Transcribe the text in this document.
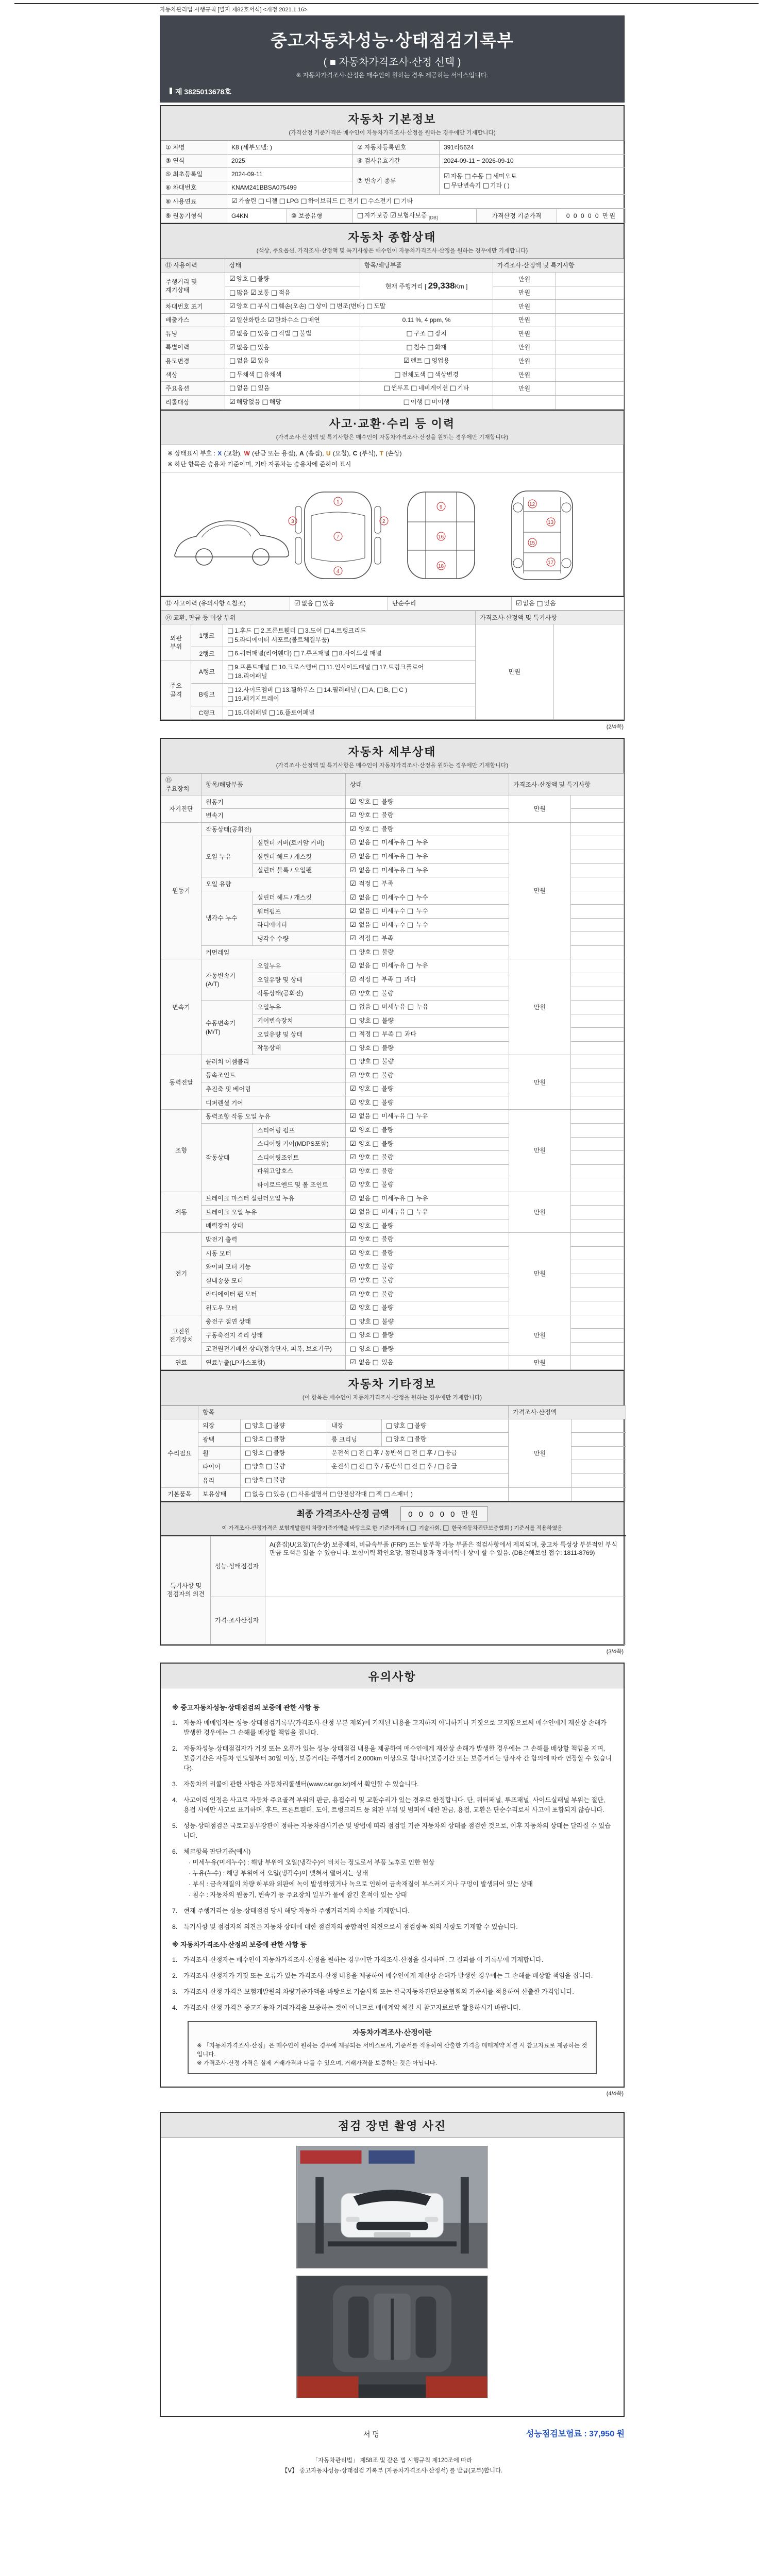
자동차관리법 시행규칙 [별지 제82호서식] <개정 2021.1.16>
중고자동차성능·상태점검기록부
( ■ 자동차가격조사·산정 선택 )
※ 자동차가격조사·산정은 매수인이 원하는 경우 제공하는 서비스입니다.
제 3825013678호
자동차 기본정보
(가격산정 기준가격은 매수인이 자동차가격조사·산정을 원하는 경우에만 기재합니다)
① 차명	K8 (세부모델: )	② 자동차등록번호	391라5624
③ 연식	2025	④ 검사유효기간	2024-09-11 ~ 2026-09-10
⑤ 최초등록일	2024-09-11	⑦ 변속기 종류	☑ 자동 □ 수동 □ 세미오토
□ 무단변속기 □ 기타 ( )
⑥ 차대번호	KNAM241BBSA075499		
⑧ 사용연료	☑ 가솔린 □ 디젤 □ LPG □ 하이브리드 □ 전기 □ 수소전기 □ 기타		
⑨ 원동기형식	G4KN	⑩ 보증유형	□ 자가보증 ☑ 보험사보증 $_{[DB]}$	가격산정 기준가격	0 0 0 0 0 만원
자동차 종합상태
(색상, 주요옵션, 가격조사·산정액 및 특기사항은 매수인이 자동차가격조사·산정을 원하는 경우에만 기재합니다)
⑪ 사용이력	상태	항목/해당부품	가격조사·산정액 및 특기사항	
주행거리 및 계기상태	☑ 양호 □ 불량	현재 주행거리 [ 29,338Km ]	만원	
	□ 많음 ☑ 보통 □ 적음		만원	
차대번호 표기	☑ 양호 □ 부식 □ 훼손(오손) □ 상이 □ 변조(변타) □ 도말		만원	
배출가스	☑ 일산화탄소 ☑ 탄화수소 □ 매연	0.11 %, 4 ppm, %	만원	
튜닝	☑ 없음 □ 있음 □ 적법 □ 불법	□ 구조 □ 장치	만원	
특별이력	☑ 없음 □ 있음	□ 침수 □ 화재	만원	
용도변경	□ 없음 ☑ 있음	☑ 렌트 □ 영업용	만원	
색상	□ 무채색 □ 유채색	□ 전체도색 □ 색상변경	만원	
주요옵션	□ 없음 □ 있음	□ 썬루프 □ 네비게이션 □ 기타	만원	
리콜대상	☑ 해당없음 □ 해당	□ 이행 □ 미이행		
사고·교환·수리 등 이력
(가격조사·산정액 및 특기사항은 매수인이 자동차가격조사·산정을 원하는 경우에만 기재합니다)
※ 상태표시 부호 : X (교환), W (판금 또는 용접), A (흠집), U (요철), C (부식), T (손상)
※ 하단 항목은 승용차 기준이며, 기타 자동차는 승용차에 준하여 표시
1
7
4
3	2
9
16
18
12
13
15
17
⑫ 사고이력 (유의사항 4.참조)	☑ 없음 □ 있음	단순수리	☑ 없음 □ 있음
⑭ 교환, 판금 등 이상 부위			가격조사·산정액 및 특기사항	
외판 부위	1랭크	□ 1.후드 □ 2.프론트휀더 □ 3.도어 □ 4.트렁크리드
□ 5.라디에이터 서포트(볼트체결부품)	만원	
	2랭크	□ 6.쿼터패널(리어휀다) □ 7.루프패널 □ 8.사이드실 패널		

주요 골격	A랭크	□ 9.프론트패널 □ 10.크로스멤버 □ 11.인사이드패널 □ 17.트렁크플로어
□ 18.리어패널		

	B랭크	□ 12.사이드멤버 □ 13.휠하우스 □ 14.필러패널 ( □ A, □ B, □ C )
□ 19.패키지트레이		

	C랭크	□ 15.대쉬패널 □ 16.플로어패널		
(2/4쪽)
자동차 세부상태
(가격조사·산정액 및 특기사항은 매수인이 자동차가격조사·산정을 원하는 경우에만 기재합니다)
⑮ 주요장치	항목/해당부품		상태	가격조사·산정액 및 특기사항	
자기진단	원동기		☑ 양호 □ 불량	만원	
	변속기		☑ 양호 □ 불량		
원동기	작동상태(공회전)		☑ 양호 □ 불량	만원	
	오일 누유	실린더 커버(로커암 커버)	☑ 없음 □ 미세누유 □ 누유		
		실린더 헤드 / 개스킷	☑ 없음 □ 미세누유 □ 누유		
		실린더 블록 / 오일팬	☑ 없음 □ 미세누유 □ 누유		
	오일 유량		☑ 적정 □ 부족		
	냉각수 누수	실린더 헤드 / 개스킷	☑ 없음 □ 미세누수 □ 누수		
		워터펌프	☑ 없음 □ 미세누수 □ 누수		
		라디에이터	☑ 없음 □ 미세누수 □ 누수		
		냉각수 수량	☑ 적정 □ 부족		
	커먼레일		□ 양호 □ 불량		
변속기	자동변속기 (A/T)	오일누유	☑ 없음 □ 미세누유 □ 누유	만원	
		오일유량 및 상태	☑ 적정 □ 부족 □ 과다		
		작동상태(공회전)	☑ 양호 □ 불량		
	수동변속기 (M/T)	오일누유	□ 없음 □ 미세누유 □ 누유		
		기어변속장치	□ 양호 □ 불량		
		오일유량 및 상태	□ 적정 □ 부족 □ 과다		
		작동상태	□ 양호 □ 불량		
동력전달	클러치 어셈블리		□ 양호 □ 불량	만원	
	등속조인트		☑ 양호 □ 불량		
	추진축 및 베어링		☑ 양호 □ 불량		
	디퍼렌셜 기어		☑ 양호 □ 불량		
조향	동력조향 작동 오일 누유		☑ 없음 □ 미세누유 □ 누유	만원	
	작동상태	스티어링 펌프	☑ 양호 □ 불량		
		스티어링 기어(MDPS포함)	☑ 양호 □ 불량		
		스티어링조인트	☑ 양호 □ 불량		
		파워고압호스	☑ 양호 □ 불량		
		타이로드엔드 및 볼 조인트	☑ 양호 □ 불량		
제동	브레이크 마스터 실린더오일 누유		☑ 없음 □ 미세누유 □ 누유	만원	
	브레이크 오일 누유		☑ 없음 □ 미세누유 □ 누유		
	배력장치 상태		☑ 양호 □ 불량		
전기	발전기 출력		☑ 양호 □ 불량	만원	
	시동 모터		☑ 양호 □ 불량		
	와이퍼 모터 기능		☑ 양호 □ 불량		
	실내송풍 모터		☑ 양호 □ 불량		
	라디에이터 팬 모터		☑ 양호 □ 불량		
	윈도우 모터		☑ 양호 □ 불량		
고전원 전기장치	충전구 절연 상태		□ 양호 □ 불량	만원	
	구동축전지 격리 상태		□ 양호 □ 불량		
	고전원전기배선 상태(접속단자, 피복, 보호기구)		□ 양호 □ 불량		
연료	연료누출(LP가스포함)		☑ 없음 □ 있음	만원	
자동차 기타정보
(이 항목은 매수인이 자동차가격조사·산정을 원하는 경우에만 기재합니다)
	항목				가격조사·산정액	
수리필요	외장	□ 양호 □ 불량	내장	□ 양호 □ 불량	만원	
	광택	□ 양호 □ 불량	룸 크리닝	□ 양호 □ 불량		
	휠	□ 양호 □ 불량	운전석 □ 전 □ 후 / 동반석 □ 전 □ 후 / □ 응급			
	타이어	□ 양호 □ 불량	운전석 □ 전 □ 후 / 동반석 □ 전 □ 후 / □ 응급			
	유리	□ 양호 □ 불량				
기본품목	보유상태	□ 없음 □ 있음 ( □ 사용설명서 □ 안전삼각대 □ 잭 □ 스패너 )				
최종 가격조사·산정 금액 0 0 0 0 0 만원
이 가격조사·산정가격은 보험개발원의 차량기준가액을 바탕으로 한 기준가격과 ( □ 기술사회, □ 한국자동차진단보증협회 ) 기준서를 적용하였음
특기사항 및 점검자의 의견	성능·상태점검자	A(흠집)U(요철)T(손상) 보증제외, 비금속부품 (FRP) 또는 탈부착 가능 부품은 점검사항에서 제외되며, 중고차 특성상 부분적인 부식 판금 도색은 있을 수 있습니다. 보험이력 확인요망, 점검내용과 정비이력이 상이 할 수 있음. (DB손해보험 접수: 1811-8769)
	가격·조사산정자	
(3/4쪽)
유의사항
※ 중고자동차성능·상태점검의 보증에 관한 사항 등
1. 자동차 매매업자는 성능·상태점검기록부(가격조사·산정 부분 제외)에 기재된 내용을 고지하지 아니하거나 거짓으로 고지함으로써 매수인에게 재산상 손해가 발생한 경우에는 그 손해를 배상할 책임을 집니다.
2. 자동차성능·상태점검자가 거짓 또는 오류가 있는 성능·상태점검 내용을 제공하여 매수인에게 재산상 손해가 발생한 경우에는 그 손해를 배상할 책임을 지며, 보증기간은 자동차 인도일부터 30일 이상, 보증거리는 주행거리 2,000km 이상으로 합니다(보증기간 또는 보증거리는 당사자 간 합의에 따라 연장할 수 있습니다).
3. 자동차의 리콜에 관한 사항은 자동차리콜센터(www.car.go.kr)에서 확인할 수 있습니다.
4. 사고이력 인정은 사고로 자동차 주요골격 부위의 판금, 용접수리 및 교환수리가 있는 경우로 한정합니다. 단, 쿼터패널, 루프패널, 사이드실패널 부위는 절단, 용접 시에만 사고로 표기하며, 후드, 프론트휀더, 도어, 트렁크리드 등 외판 부위 및 범퍼에 대한 판금, 용접, 교환은 단순수리로서 사고에 포함되지 않습니다.
5. 성능·상태점검은 국토교통부장관이 정하는 자동차검사기준 및 방법에 따라 점검일 기준 자동차의 상태를 점검한 것으로, 이후 자동차의 상태는 달라질 수 있습니다.
6. 체크항목 판단기준(예시)
· 미세누유(미세누수) : 해당 부위에 오일(냉각수)이 비치는 정도로서 부품 노후로 인한 현상
· 누유(누수) : 해당 부위에서 오일(냉각수)이 맺혀서 떨어지는 상태
· 부식 : 금속재질의 차량 하부와 외판에 녹이 발생하였거나 녹으로 인하여 금속재질이 부스러지거나 구멍이 발생되어 있는 상태
· 침수 : 자동차의 원동기, 변속기 등 주요장치 일부가 물에 잠긴 흔적이 있는 상태
7. 현재 주행거리는 성능·상태점검 당시 해당 자동차 주행거리계의 수치를 기재합니다.
8. 특기사항 및 점검자의 의견은 자동차 상태에 대한 점검자의 종합적인 의견으로서 점검항목 외의 사항도 기재할 수 있습니다.
※ 자동차가격조사·산정의 보증에 관한 사항 등
1. 가격조사·산정자는 매수인이 자동차가격조사·산정을 원하는 경우에만 가격조사·산정을 실시하며, 그 결과를 이 기록부에 기재합니다.
2. 가격조사·산정자가 거짓 또는 오류가 있는 가격조사·산정 내용을 제공하여 매수인에게 재산상 손해가 발생한 경우에는 그 손해를 배상할 책임을 집니다.
3. 가격조사·산정 가격은 보험개발원의 차량기준가액을 바탕으로 기술사회 또는 한국자동차진단보증협회의 기준서를 적용하여 산출한 가격입니다.
4. 가격조사·산정 가격은 중고자동차 거래가격을 보증하는 것이 아니므로 매매계약 체결 시 참고자료로만 활용하시기 바랍니다.
자동차가격조사·산정이란
※ 「자동차가격조사·산정」은 매수인이 원하는 경우에 제공되는 서비스로서, 기준서를 적용하여 산출한 가격을 매매계약 체결 시 참고자료로 제공하는 것입니다.
※ 가격조사·산정 가격은 실제 거래가격과 다를 수 있으며, 거래가격을 보증하는 것은 아닙니다.
(4/4쪽)
점검 장면 촬영 사진
서명	성능점검보험료 : 37,950 원
「자동차관리법」 제58조 및 같은 법 시행규칙 제120조에 따라
【Ⅴ】 중고자동차성능·상태점검 기록부 (자동차가격조사·산정서) 를 발급(교부)합니다.
